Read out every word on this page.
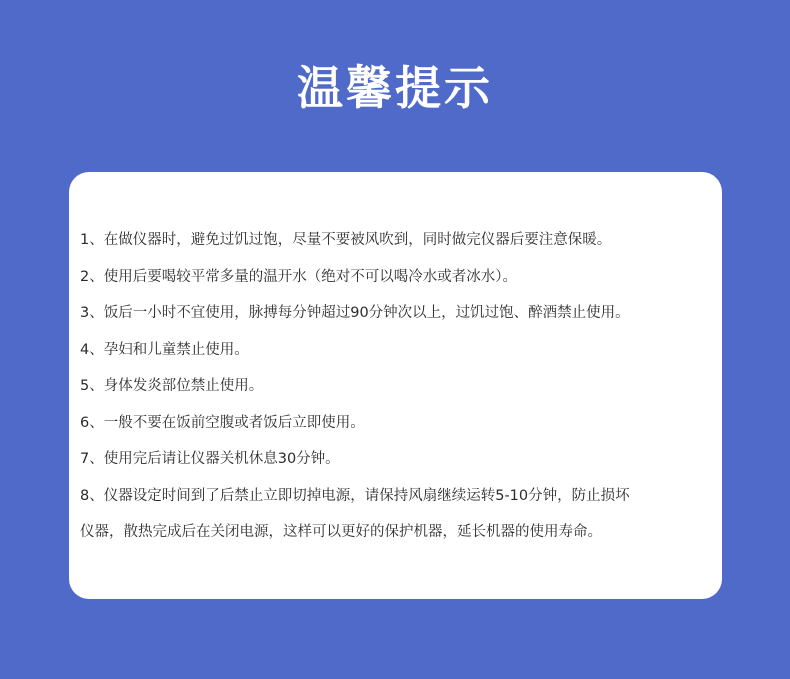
温馨提示
1、在做仪器时，避免过饥过饱，尽量不要被风吹到，同时做完仪器后要注意保暖。
2、使用后要喝较平常多量的温开水（绝对不可以喝冷水或者冰水）。
3、饭后一小时不宜使用，脉搏每分钟超过90分钟次以上，过饥过饱、醉酒禁止使用。
4、孕妇和儿童禁止使用。
5、身体发炎部位禁止使用。
6、一般不要在饭前空腹或者饭后立即使用。
7、使用完后请让仪器关机休息30分钟。
8、仪器设定时间到了后禁止立即切掉电源，请保持风扇继续运转5-10分钟，防止损坏
仪器，散热完成后在关闭电源，这样可以更好的保护机器，延长机器的使用寿命。
